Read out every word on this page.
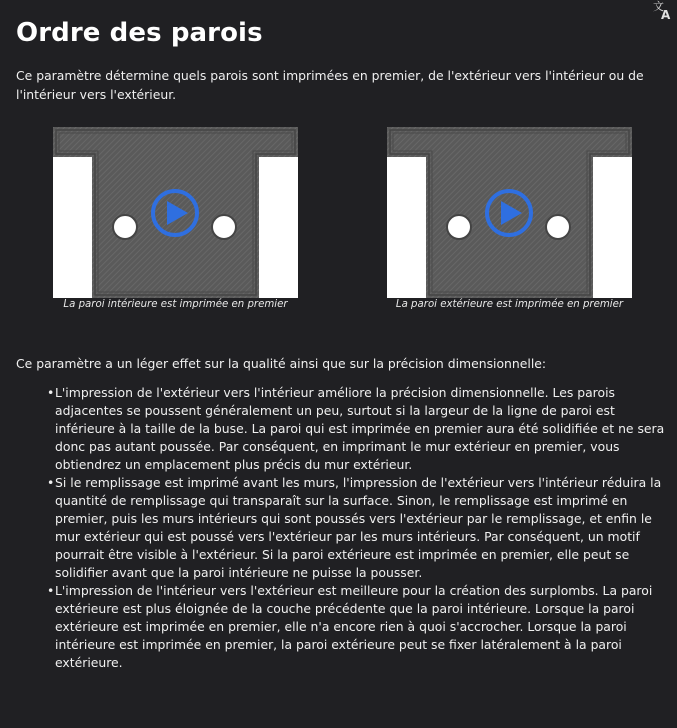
文
A
Ordre des parois

Ce paramètre détermine quels parois sont imprimées en premier, de l'extérieur vers l'intérieur ou de l'intérieur vers l'extérieur.

La paroi intérieure est imprimée en premier	La paroi extérieure est imprimée en premier

Ce paramètre a un léger effet sur la qualité ainsi que sur la précision dimensionnelle:

• L'impression de l'extérieur vers l'intérieur améliore la précision dimensionnelle. Les parois adjacentes se poussent généralement un peu, surtout si la largeur de la ligne de paroi est inférieure à la taille de la buse. La paroi qui est imprimée en premier aura été solidifiée et ne sera donc pas autant poussée. Par conséquent, en imprimant le mur extérieur en premier, vous obtiendrez un emplacement plus précis du mur extérieur.
• Si le remplissage est imprimé avant les murs, l'impression de l'extérieur vers l'intérieur réduira la quantité de remplissage qui transparaît sur la surface. Sinon, le remplissage est imprimé en premier, puis les murs intérieurs qui sont poussés vers l'extérieur par le remplissage, et enfin le mur extérieur qui est poussé vers l'extérieur par les murs intérieurs. Par conséquent, un motif pourrait être visible à l'extérieur. Si la paroi extérieure est imprimée en premier, elle peut se solidifier avant que la paroi intérieure ne puisse la pousser.
• L'impression de l'intérieur vers l'extérieur est meilleure pour la création des surplombs. La paroi extérieure est plus éloignée de la couche précédente que la paroi intérieure. Lorsque la paroi extérieure est imprimée en premier, elle n'a encore rien à quoi s'accrocher. Lorsque la paroi intérieure est imprimée en premier, la paroi extérieure peut se fixer latéralement à la paroi extérieure.
